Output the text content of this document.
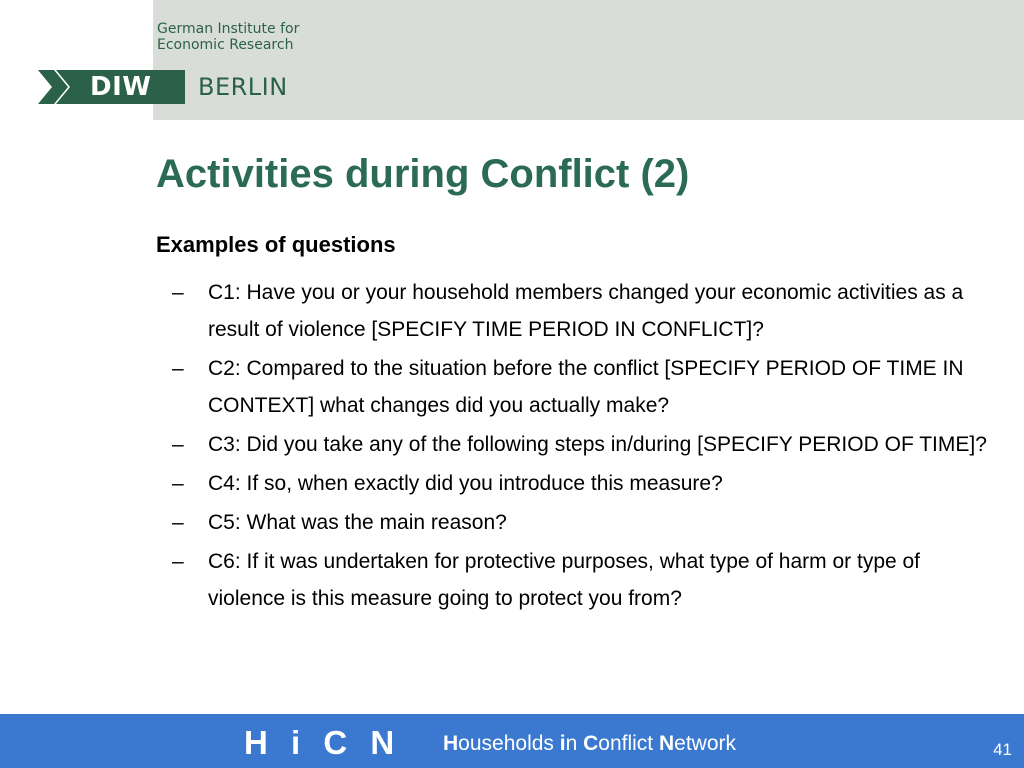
German Institute for
Economic Research
DIW	BERLIN
Activities during Conflict (2)
Examples of questions
– C1: Have you or your household members changed your economic activities as a result of violence [SPECIFY TIME PERIOD IN CONFLICT]?
– C2: Compared to the situation before the conflict [SPECIFY PERIOD OF TIME IN CONTEXT] what changes did you actually make?
– C3: Did you take any of the following steps in/during [SPECIFY PERIOD OF TIME]?
– C4: If so, when exactly did you introduce this measure?
– C5: What was the main reason?
– C6: If it was undertaken for protective purposes, what type of harm or type of violence is this measure going to protect you from?
H i C N Households in Conflict Network	41
